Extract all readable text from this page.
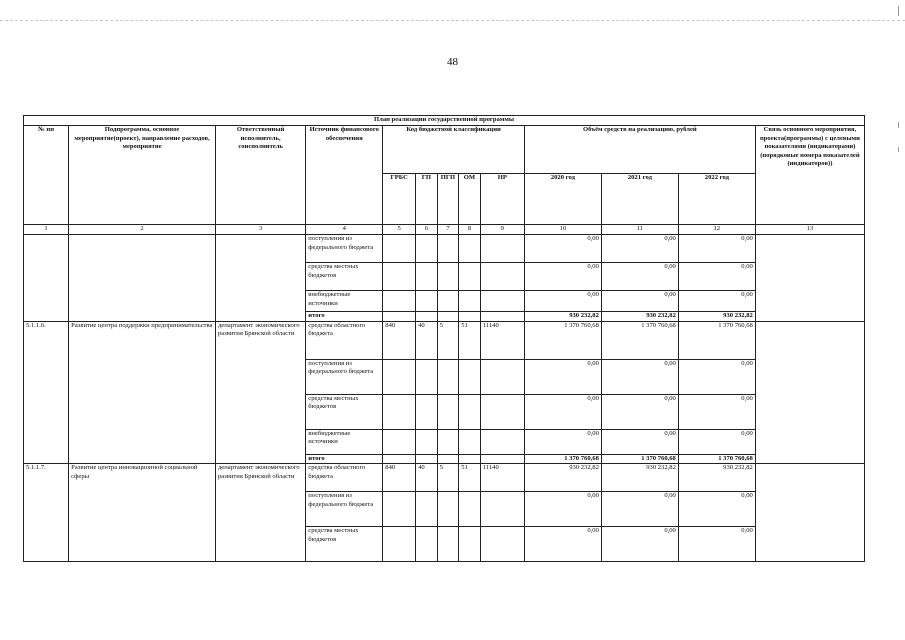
48
План реализации государственной программы												
№ пп	Подпрограмма, основное мероприятие(проект), направление расходов, мероприятие	Ответственный исполнитель, соисполнитель	Источник финансового обеспечения	Код бюджетной классификации					Объём средств на реализацию, рублей			Связь основного мероприятия, проекта(программы) с целевыми показателями (индикаторами) (порядковые номера показателей (индикаторов))
				ГРБС	ГП	ПГП	ОМ	НР	2020 год	2021 год	2022 год	
1	2	3	4	5	6	7	8	9	10	11	12	13
			поступления из федерального бюджета						0,00	0,00	0,00	
			средства местных бюджетов						0,00	0,00	0,00	
			внебюджетные источники						0,00	0,00	0,00	
			итого						930 232,82	930 232,82	930 232,82	
5.1.1.6.	Развитие центра поддержки предпринимательства	департамент экономического развития Брянской области	средства областного бюджета	840	40	5	51	11140	1 370 760,68	1 370 760,68	1 370 760,68	
			поступления из федерального бюджета						0,00	0,00	0,00	
			средства местных бюджетов						0,00	0,00	0,00	
			внебюджетные источники						0,00	0,00	0,00	
			итого						1 370 760,68	1 370 760,68	1 370 760,68	
5.1.1.7.	Развитие центра инновационной социальной сферы	департамент экономического развития Брянской области	средства областного бюджета	840	40	5	51	11140	930 232,82	930 232,82	930 232,82	
			поступления из федерального бюджета						0,00	0,00	0,00	
			средства местных бюджетов						0,00	0,00	0,00	
